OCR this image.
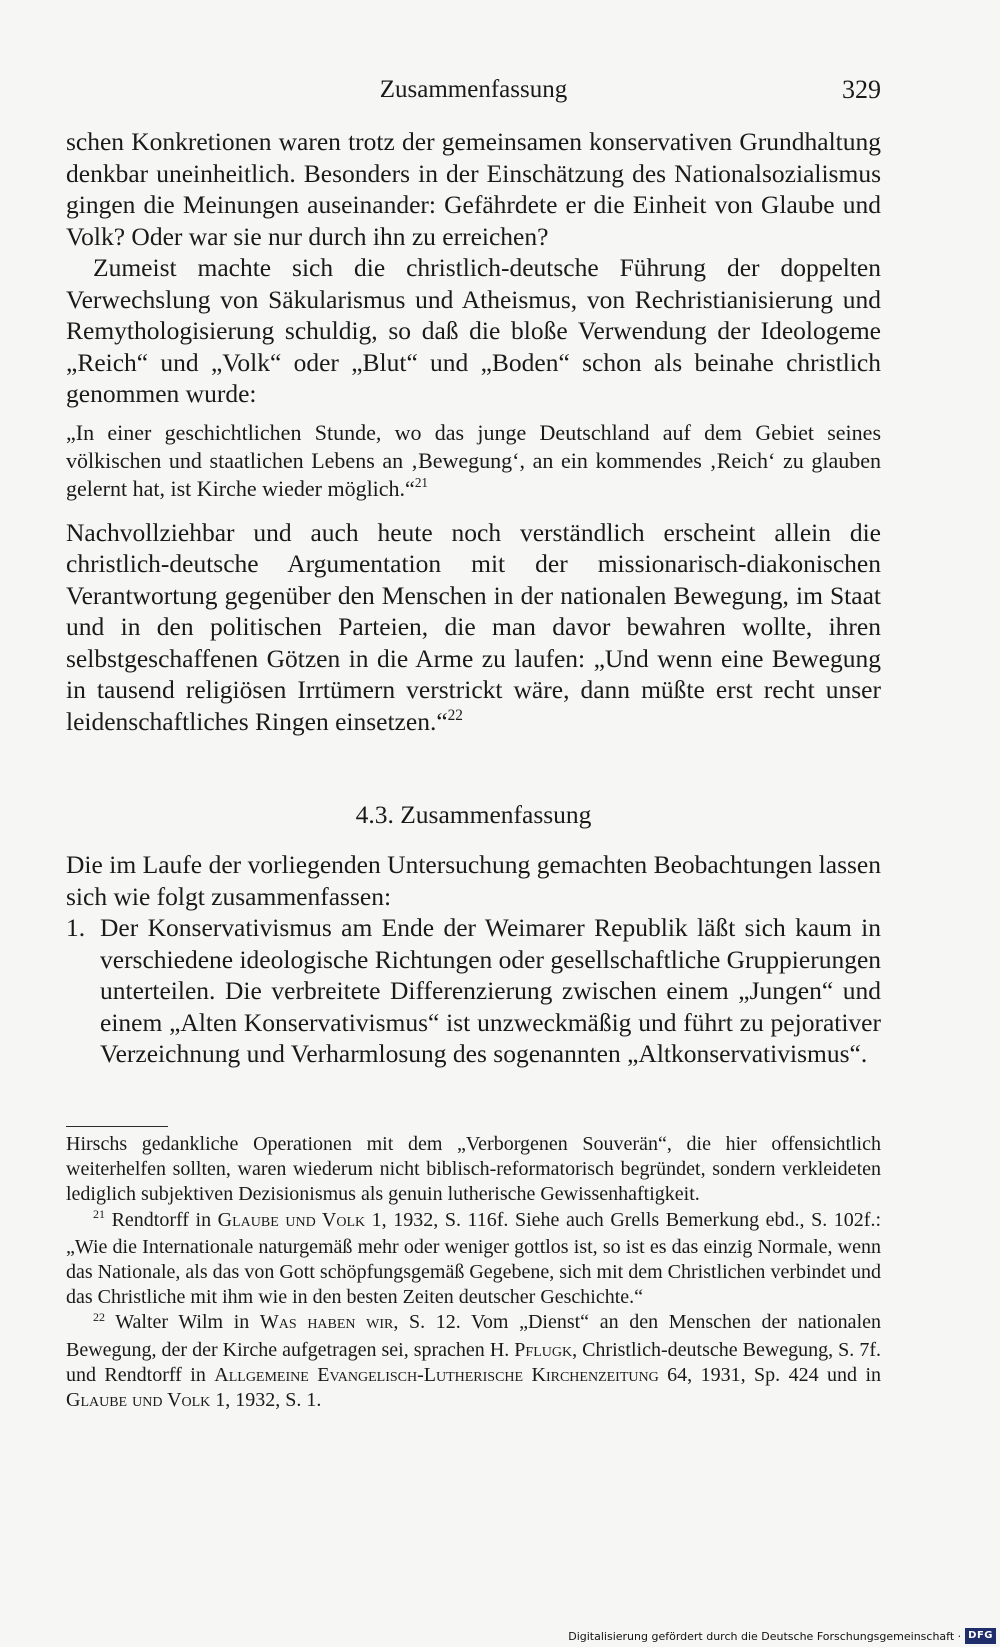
Zusammenfassung	329

schen Konkretionen waren trotz der gemeinsamen konservativen Grundhaltung denkbar uneinheitlich. Besonders in der Einschätzung des Nationalsozialismus gingen die Meinungen auseinander: Gefährdete er die Einheit von Glaube und Volk? Oder war sie nur durch ihn zu erreichen?

Zumeist machte sich die christlich-deutsche Führung der doppelten Verwechslung von Säkularismus und Atheismus, von Rechristianisierung und Remythologisierung schuldig, so daß die bloße Verwendung der Ideologeme „Reich“ und „Volk“ oder „Blut“ und „Boden“ schon als beinahe christlich genommen wurde:

„In einer geschichtlichen Stunde, wo das junge Deutschland auf dem Gebiet seines völkischen und staatlichen Lebens an ‚Bewegung‘, an ein kommendes ‚Reich‘ zu glauben gelernt hat, ist Kirche wieder möglich.“$^{21}$

Nachvollziehbar und auch heute noch verständlich erscheint allein die christlich-deutsche Argumentation mit der missionarisch-diakonischen Verantwortung gegenüber den Menschen in der nationalen Bewegung, im Staat und in den politischen Parteien, die man davor bewahren wollte, ihren selbstgeschaffenen Götzen in die Arme zu laufen: „Und wenn eine Bewegung in tausend religiösen Irrtümern verstrickt wäre, dann müßte erst recht unser leidenschaftliches Ringen einsetzen.“$^{22}$

4.3. Zusammenfassung

Die im Laufe der vorliegenden Untersuchung gemachten Beobachtungen lassen sich wie folgt zusammenfassen:

1. Der Konservativismus am Ende der Weimarer Republik läßt sich kaum in verschiedene ideologische Richtungen oder gesellschaftliche Gruppierungen unterteilen. Die verbreitete Differenzierung zwischen einem „Jungen“ und einem „Alten Konservativismus“ ist unzweckmäßig und führt zu pejorativer Verzeichnung und Verharmlosung des sogenannten „Altkonservativismus“.

Hirschs gedankliche Operationen mit dem „Verborgenen Souverän“, die hier offensichtlich weiterhelfen sollten, waren wiederum nicht biblisch-reformatorisch begründet, sondern verkleideten lediglich subjektiven Dezisionismus als genuin lutherische Gewissenhaftigkeit.

$^{21}$ Rendtorff in Glaube und Volk 1, 1932, S. 116f. Siehe auch Grells Bemerkung ebd., S. 102f.: „Wie die Internationale naturgemäß mehr oder weniger gottlos ist, so ist es das einzig Normale, wenn das Nationale, als das von Gott schöpfungsgemäß Gegebene, sich mit dem Christlichen verbindet und das Christliche mit ihm wie in den besten Zeiten deutscher Geschichte.“

$^{22}$ Walter Wilm in Was haben wir, S. 12. Vom „Dienst“ an den Menschen der nationalen Bewegung, der der Kirche aufgetragen sei, sprachen H. Pflugk, Christlich-deutsche Bewegung, S. 7f. und Rendtorff in Allgemeine Evangelisch-Lutherische Kirchenzeitung 64, 1931, Sp. 424 und in Glaube und Volk 1, 1932, S. 1.

Digitalisierung gefördert durch die Deutsche Forschungsgemeinschaft · DFG
